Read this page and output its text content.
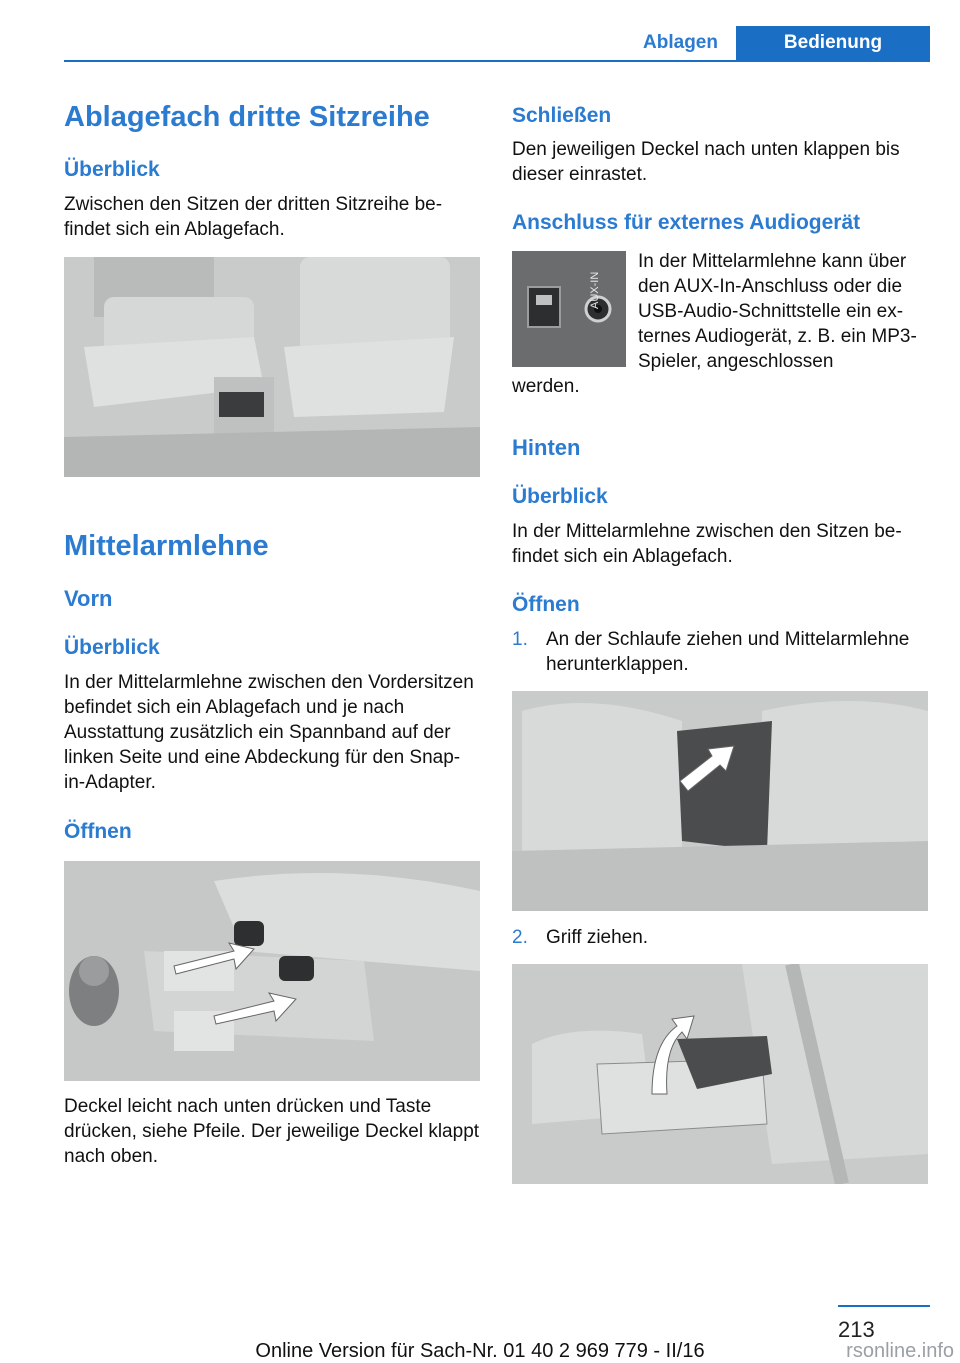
Ablagen	Bedienung
Ablagefach dritte Sitzreihe
Überblick

Zwischen den Sitzen der dritten Sitzreihe befindet sich ein Ablagefach.

Mittelarmlehne
Vorn
Überblick

In der Mittelarmlehne zwischen den Vordersitzen befindet sich ein Ablagefach und je nach Ausstattung zusätzlich ein Spannband auf der linken Seite und eine Abdeckung für den Snap-in-Adapter.

Öffnen

Deckel leicht nach unten drücken und Taste drücken, siehe Pfeile. Der jeweilige Deckel klappt nach oben.

Schließen

Den jeweiligen Deckel nach unten klappen bis dieser einrastet.

Anschluss für externes Audiogerät
AUX-IN

In der Mittelarmlehne kann über den AUX-In-Anschluss oder die USB-Audio-Schnittstelle ein externes Audiogerät, z. B. ein MP3-Spieler, angeschlossen

werden.

Hinten
Überblick

In der Mittelarmlehne zwischen den Sitzen befindet sich ein Ablagefach.

Öffnen
1. An der Schlaufe ziehen und Mittelarmlehne herunterklappen.

2. Griff ziehen.

213
Online Version für Sach-Nr. 01 40 2 969 779 - II/16	rsonline.info
